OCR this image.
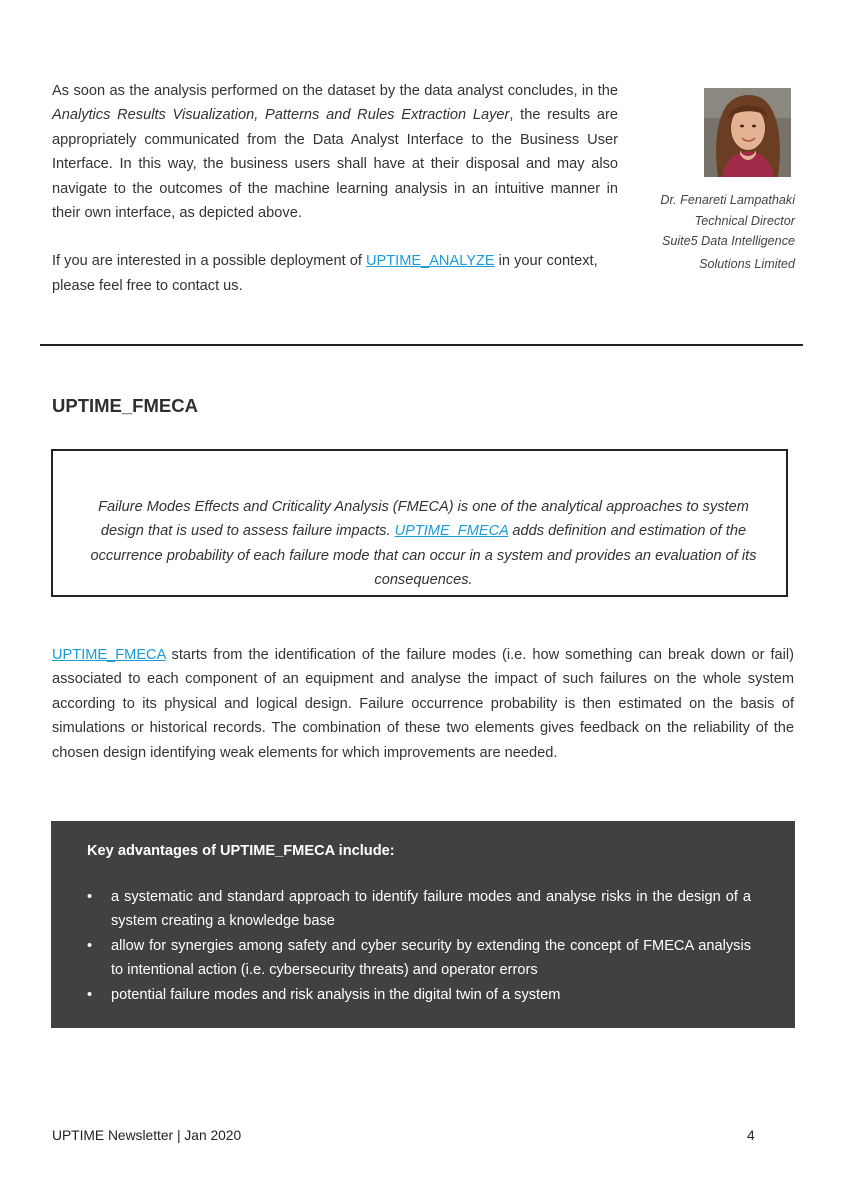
As soon as the analysis performed on the dataset by the data analyst concludes, in the Analytics Results Visualization, Patterns and Rules Extraction Layer, the results are appropriately communicated from the Data Analyst Interface to the Business User Interface. In this way, the business users shall have at their disposal and may also navigate to the outcomes of the machine learning analysis in an intuitive manner in their own interface, as depicted above.

If you are interested in a possible deployment of UPTIME_ANALYZE in your context, please feel free to contact us.

Dr. Fenareti Lampathaki
Technical Director
Suite5 Data Intelligence
Solutions Limited
UPTIME_FMECA

Failure Modes Effects and Criticality Analysis (FMECA) is one of the analytical approaches to system design that is used to assess failure impacts. UPTIME_FMECA adds definition and estimation of the occurrence probability of each failure mode that can occur in a system and provides an evaluation of its consequences.

UPTIME_FMECA starts from the identification of the failure modes (i.e. how something can break down or fail) associated to each component of an equipment and analyse the impact of such failures on the whole system according to its physical and logical design. Failure occurrence probability is then estimated on the basis of simulations or historical records. The combination of these two elements gives feedback on the reliability of the chosen design identifying weak elements for which improvements are needed.

Key advantages of UPTIME_FMECA include:
• a systematic and standard approach to identify failure modes and analyse risks in the design of a system creating a knowledge base
• allow for synergies among safety and cyber security by extending the concept of FMECA analysis to intentional action (i.e. cybersecurity threats) and operator errors
• potential failure modes and risk analysis in the digital twin of a system
UPTIME Newsletter | Jan 2020	4
